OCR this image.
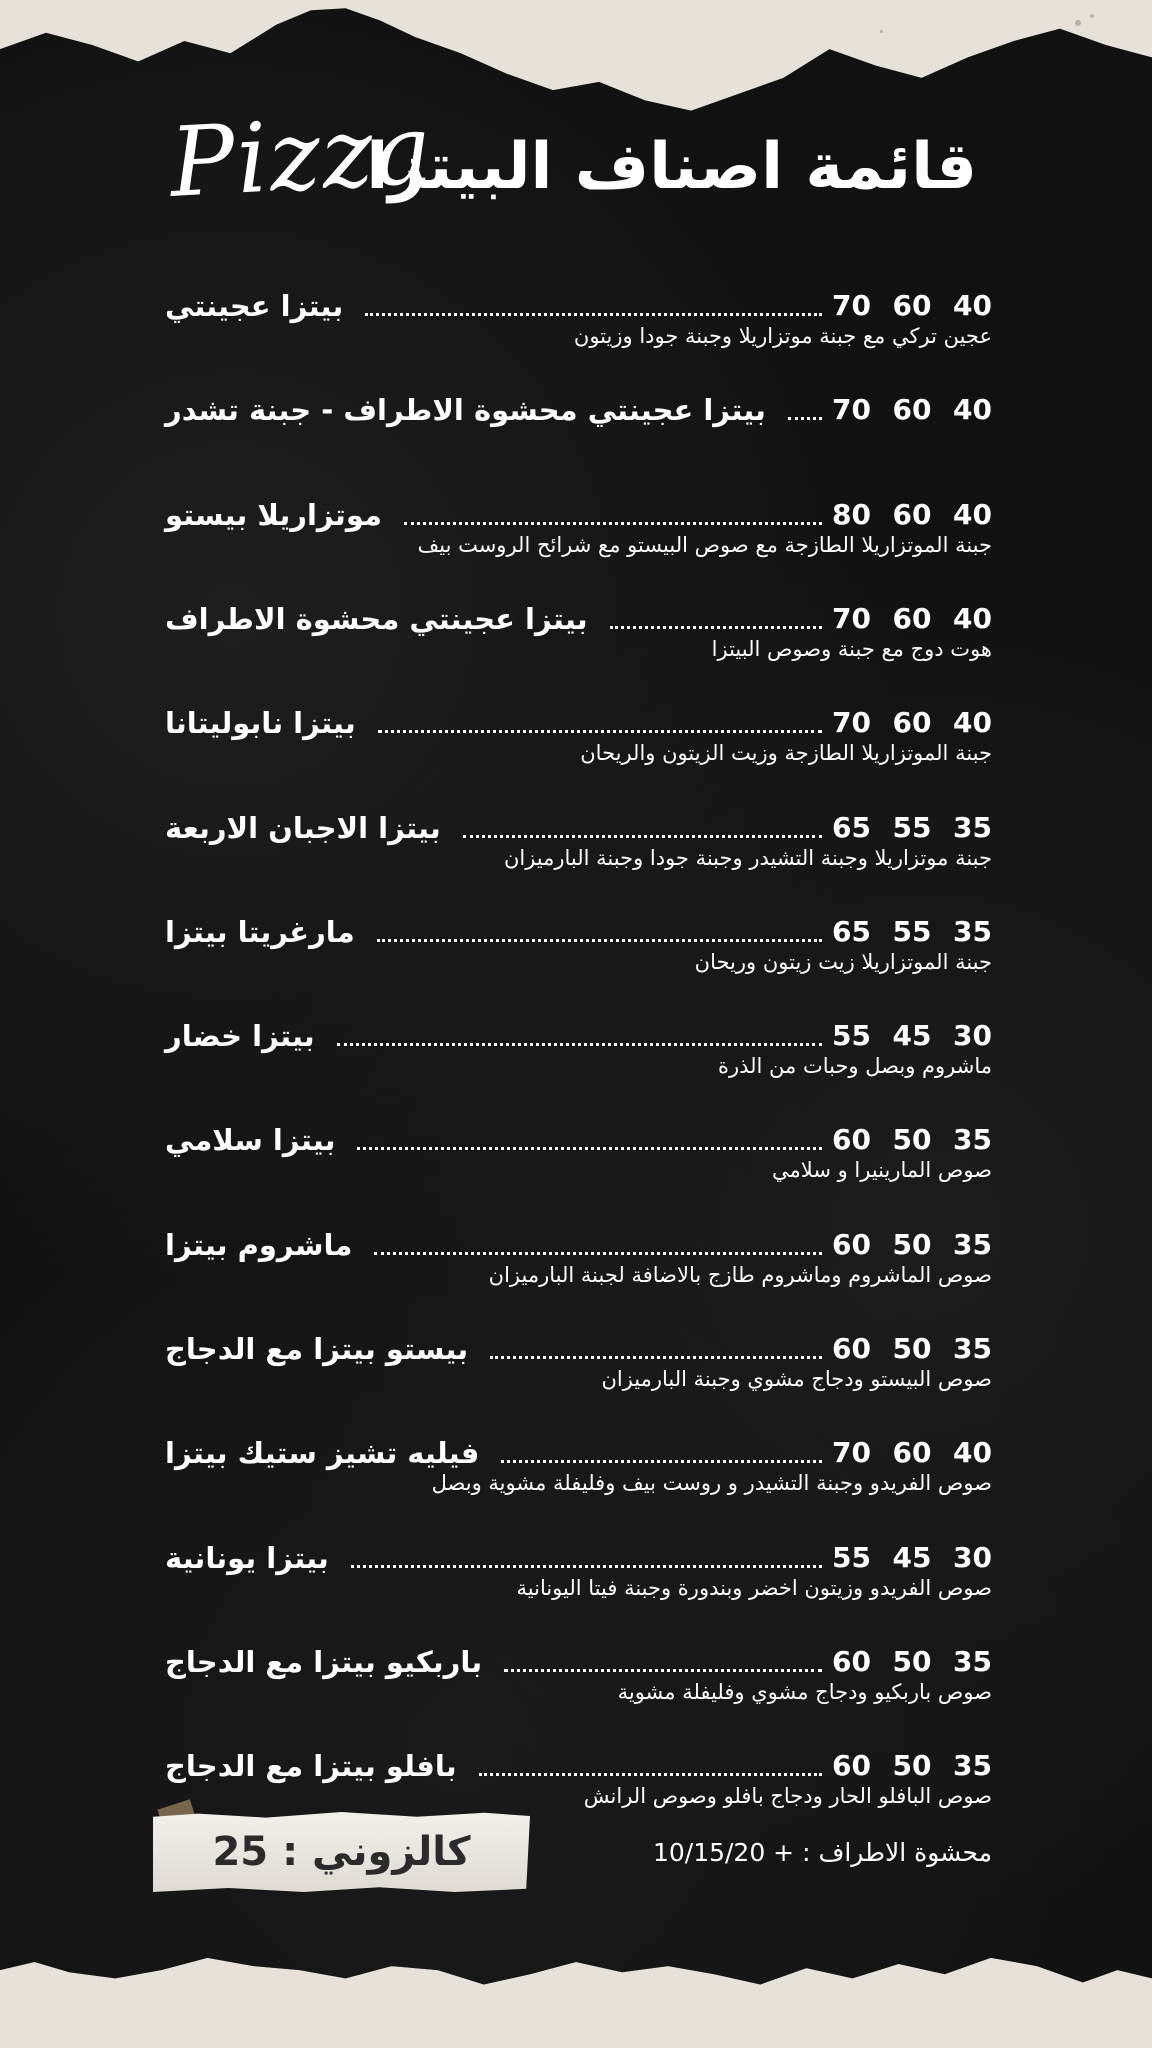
Pizza
قائمة اصناف البيتزا
بيتزا عجينتي	70 60 40
عجين تركي مع جبنة موتزاريلا وجبنة جودا وزيتون
بيتزا عجينتي محشوة الاطراف - جبنة تشدر 70 60 40
موتزاريلا بيستو	80 60 40
جبنة الموتزاريلا الطازجة مع صوص البيستو مع شرائح الروست بيف
بيتزا عجينتي محشوة الاطراف	70 60 40
هوت دوج مع جبنة وصوص البيتزا
بيتزا نابوليتانا	70 60 40
جبنة الموتزاريلا الطازجة وزيت الزيتون والريحان
بيتزا الاجبان الاربعة	65 55 35
جبنة موتزاريلا وجبنة التشيدر وجبنة جودا وجبنة البارميزان
مارغريتا بيتزا	65 55 35
جبنة الموتزاريلا زيت زيتون وريحان
بيتزا خضار	55 45 30
ماشروم وبصل وحبات من الذرة
بيتزا سلامي	60 50 35
صوص المارينيرا و سلامي
ماشروم بيتزا	60 50 35
صوص الماشروم وماشروم طازج بالاضافة لجبنة البارميزان
بيستو بيتزا مع الدجاج	60 50 35
صوص البيستو ودجاج مشوي وجبنة البارميزان
فيليه تشيز ستيك بيتزا	70 60 40
صوص الفريدو وجبنة التشيدر و روست بيف وفليفلة مشوية وبصل
بيتزا يونانية	55 45 30
صوص الفريدو وزيتون اخضر وبندورة وجبنة فيتا اليونانية
باربكيو بيتزا مع الدجاج	60 50 35
صوص باربكيو ودجاج مشوي وفليفلة مشوية
بافلو بيتزا مع الدجاج	60 50 35
صوص البافلو الحار ودجاج بافلو وصوص الرانش
محشوة الاطراف : + 10/15/20
كالزوني : 25
